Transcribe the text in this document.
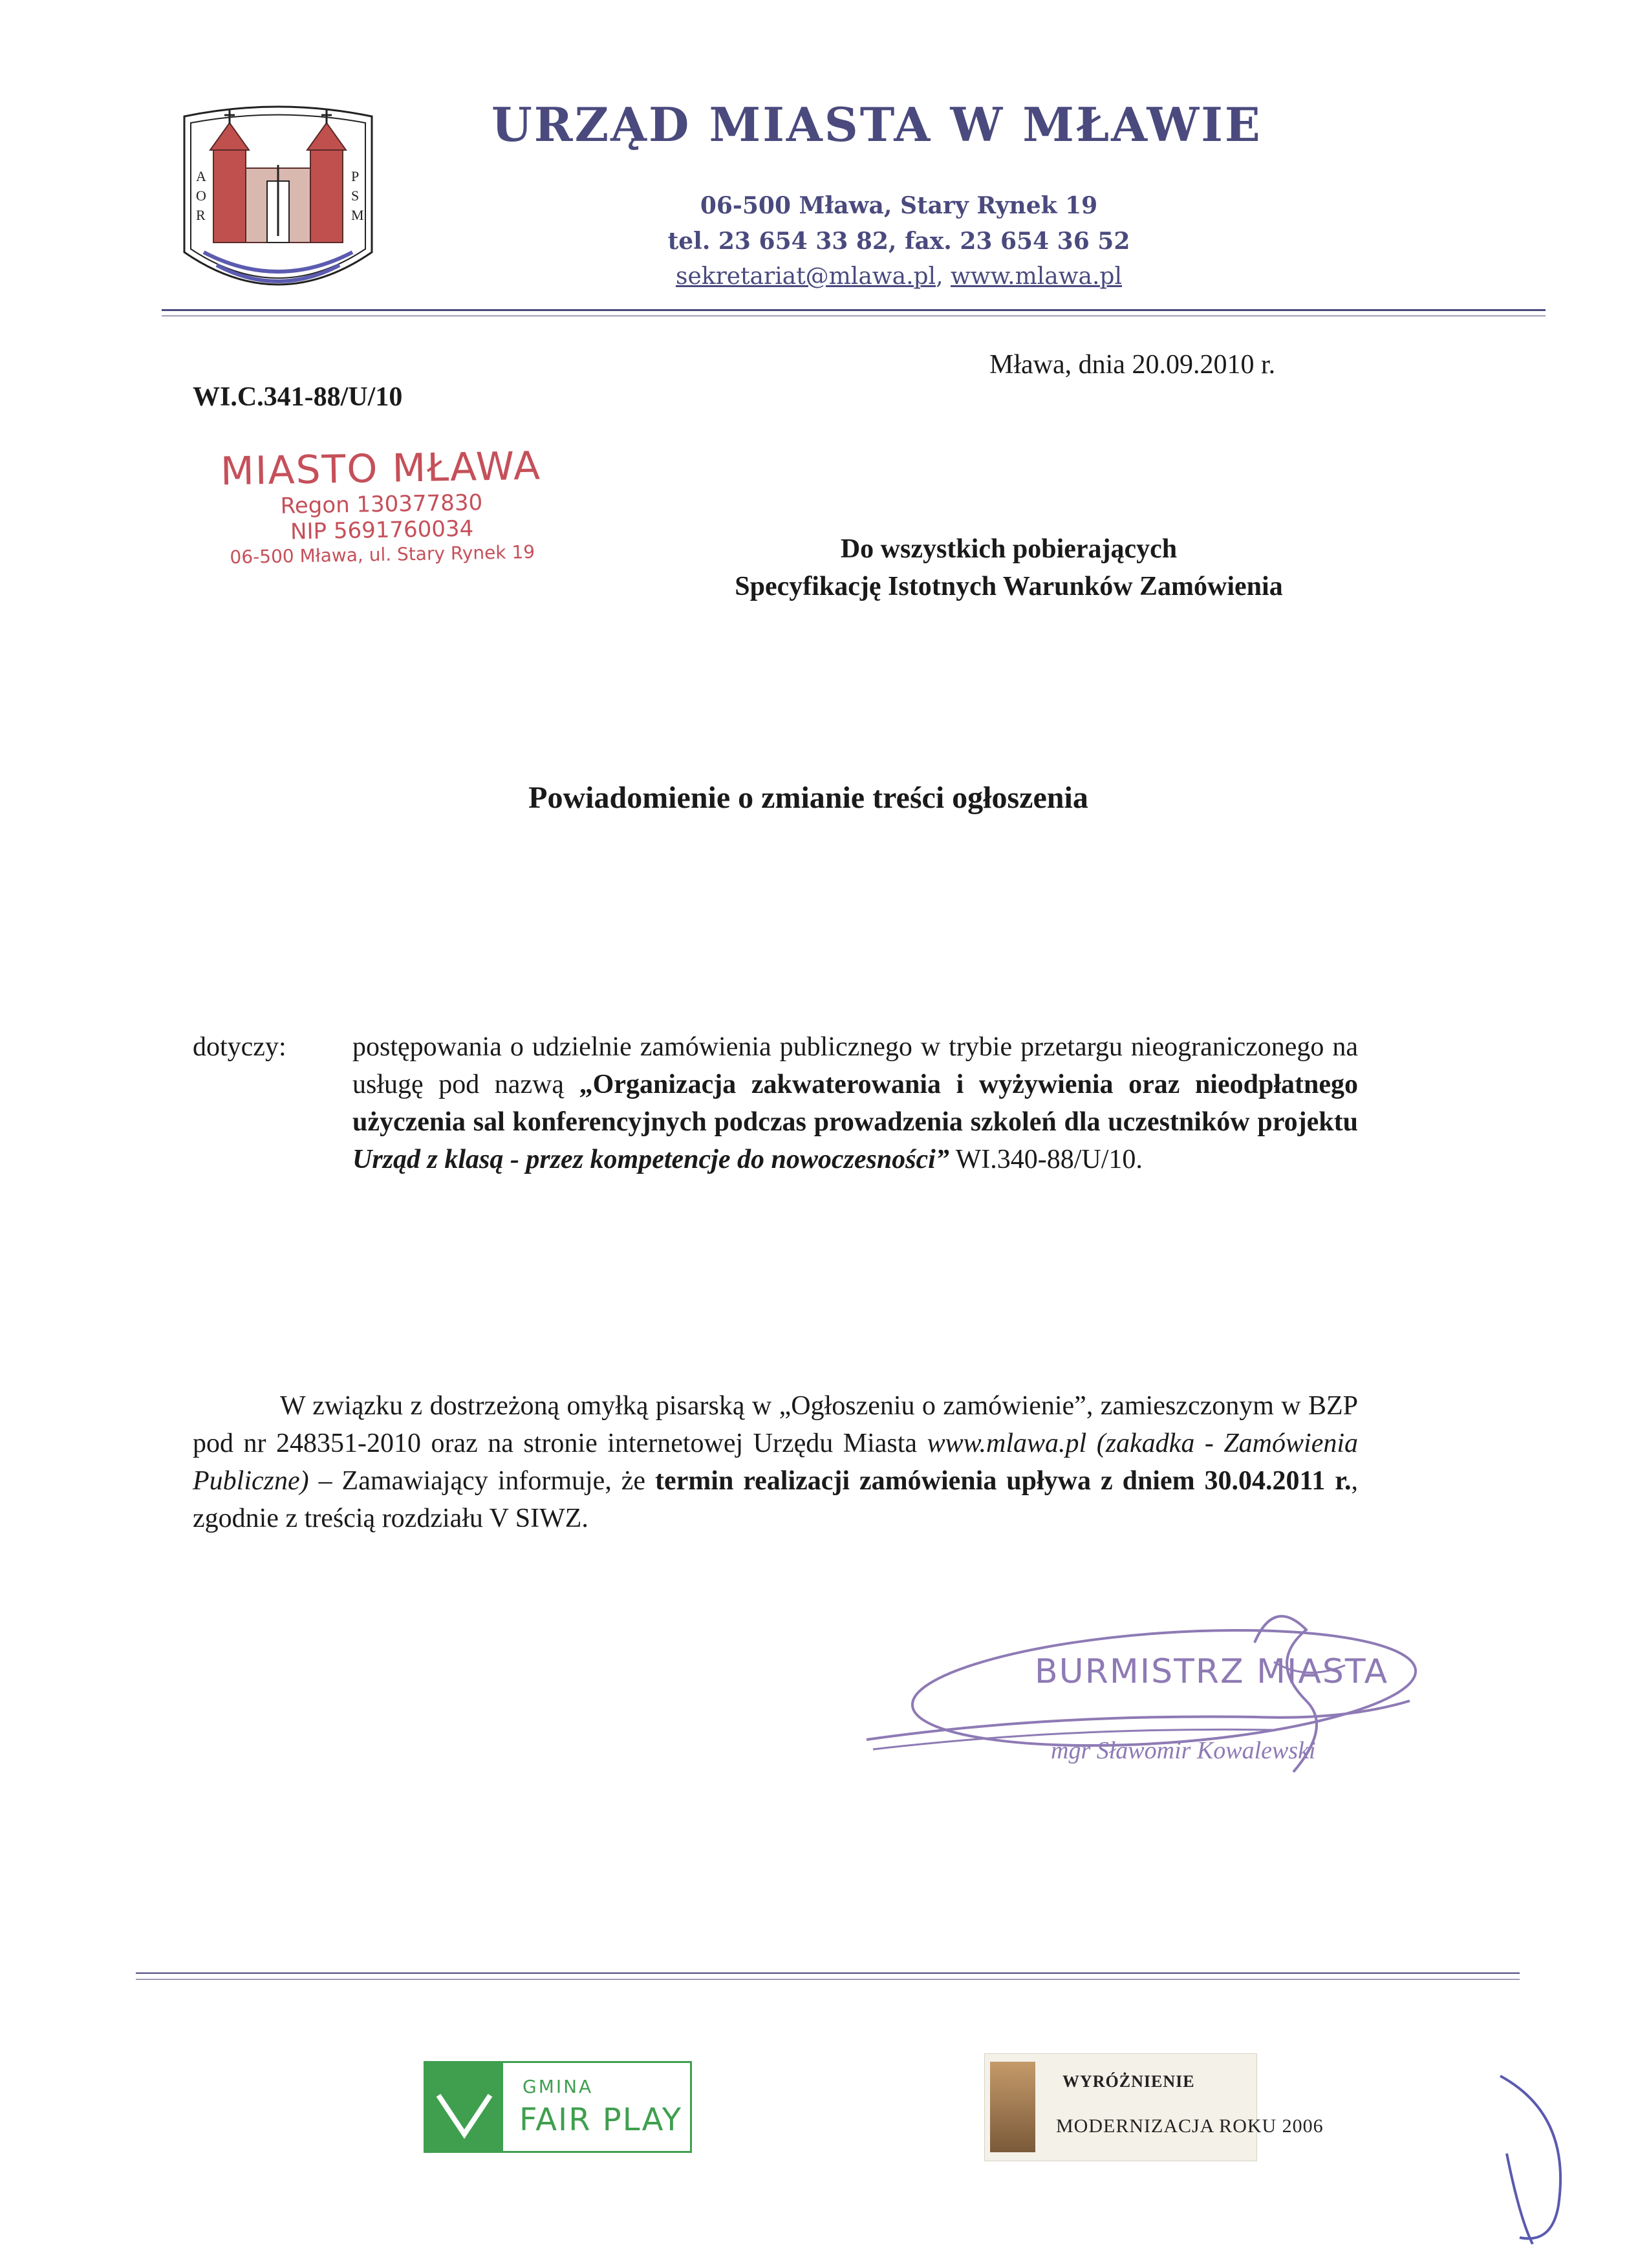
A
O
R
P
S
M
URZĄD MIASTA W MŁAWIE
06-500 Mława, Stary Rynek 19
tel. 23 654 33 82, fax. 23 654 36 52
sekretariat@mlawa.pl, www.mlawa.pl
Mława, dnia 20.09.2010 r.
WI.C.341-88/U/10
MIASTO MŁAWA
Regon 130377830
NIP 5691760034
06-500 Mława, ul. Stary Rynek 19	Do wszystkich pobierających
Specyfikację Istotnych Warunków Zamówienia
Powiadomienie o zmianie treści ogłoszenia
dotyczy: postępowania o udzielnie zamówienia publicznego w trybie przetargu nieograniczonego na usługę pod nazwą „Organizacja zakwaterowania i wyżywienia oraz nieodpłatnego użyczenia sal konferencyjnych podczas prowadzenia szkoleń dla uczestników projektu Urząd z klasą - przez kompetencje do nowoczesności” WI.340-88/U/10.
W związku z dostrzeżoną omyłką pisarską w „Ogłoszeniu o zamówienie”, zamieszczonym w BZP pod nr 248351-2010 oraz na stronie internetowej Urzędu Miasta www.mlawa.pl (zakadka - Zamówienia Publiczne) – Zamawiający informuje, że termin realizacji zamówienia upływa z dniem 30.04.2011 r., zgodnie z treścią rozdziału V SIWZ.
BURMISTRZ MIASTA
mgr Sławomir Kowalewski
GMINA
FAIR PLAY
WYRÓŻNIENIE
MODERNIZACJA ROKU 2006
